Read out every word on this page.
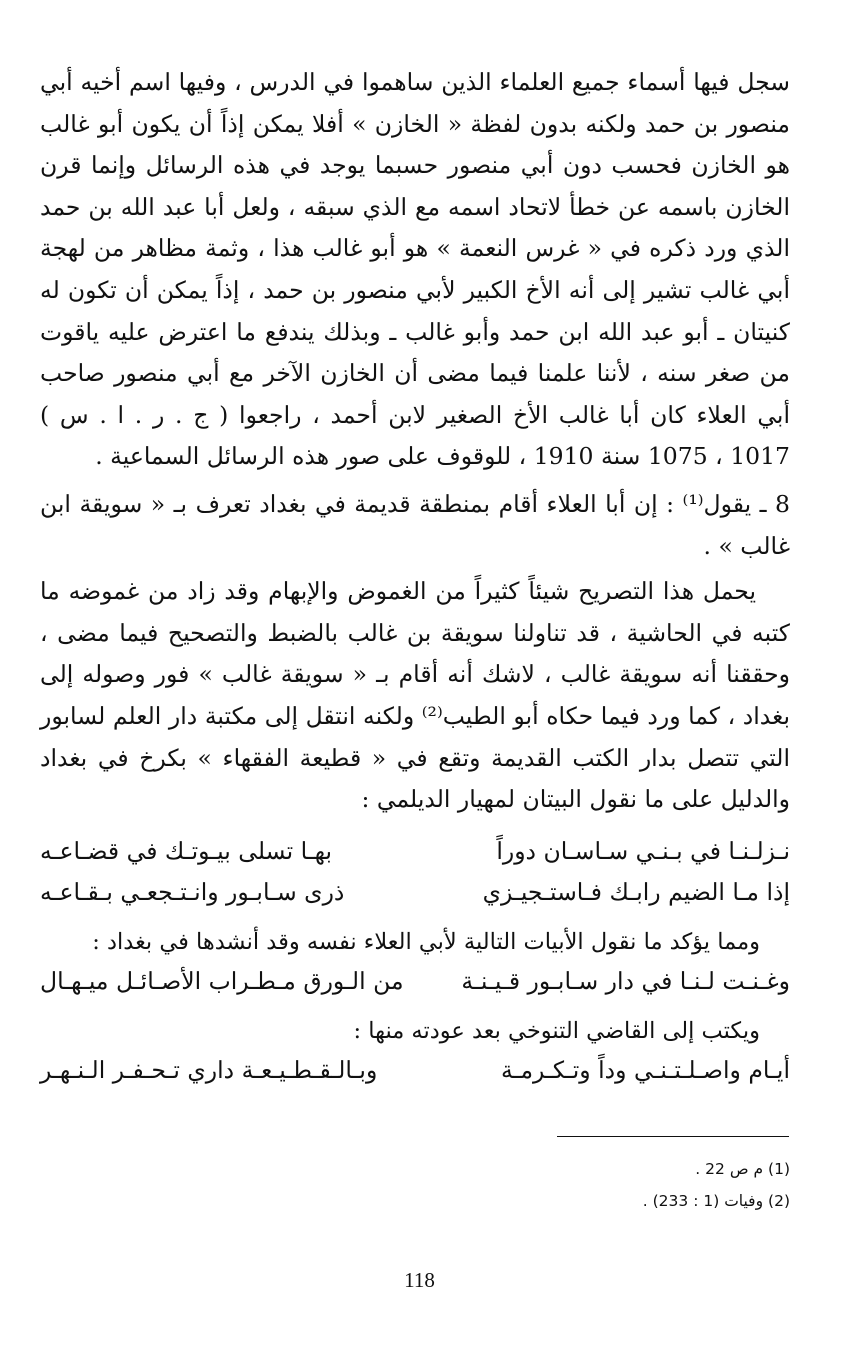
سجل فيها أسماء جميع العلماء الذين ساهموا في الدرس ، وفيها اسم أخيه أبي منصور بن حمد ولكنه بدون لفظة « الخازن » أفلا يمكن إذاً أن يكون أبو غالب هو الخازن فحسب دون أبي منصور حسبما يوجد في هذه الرسائل وإنما قرن الخازن باسمه عن خطأ لاتحاد اسمه مع الذي سبقه ، ولعل أبا عبد الله بن حمد الذي ورد ذكره في « غرس النعمة » هو أبو غالب هذا ، وثمة مظاهر من لهجة أبي غالب تشير إلى أنه الأخ الكبير لأبي منصور بن حمد ، إذاً يمكن أن تكون له كنيتان ـ أبو عبد الله ابن حمد وأبو غالب ـ وبذلك يندفع ما اعترض عليه ياقوت من صغر سنه ، لأننا علمنا فيما مضى أن الخازن الآخر مع أبي منصور صاحب أبي العلاء كان أبا غالب الأخ الصغير لابن أحمد ، راجعوا ( ج . ر . ا . س ) 1017 ، 1075 سنة 1910 ، للوقوف على صور هذه الرسائل السماعية .

8 ـ يقول⁽¹⁾ : إن أبا العلاء أقام بمنطقة قديمة في بغداد تعرف بـ « سويقة ابن غالب » .

يحمل هذا التصريح شيئاً كثيراً من الغموض والإبهام وقد زاد من غموضه ما كتبه في الحاشية ، قد تناولنا سويقة بن غالب بالضبط والتصحيح فيما مضى ، وحققنا أنه سويقة غالب ، لاشك أنه أقام بـ « سويقة غالب » فور وصوله إلى بغداد ، كما ورد فيما حكاه أبو الطيب⁽²⁾ ولكنه انتقل إلى مكتبة دار العلم لسابور التي تتصل بدار الكتب القديمة وتقع في « قطيعة الفقهاء » بكرخ في بغداد والدليل على ما نقول البيتان لمهيار الديلمي :

نـزلـنـا في بـنـي سـاسـان دوراً
بهـا تسلى بيـوتـك في قضـاعـه
إذا مـا الضيم رابـك فـاستـجيـزي
ذرى سـابـور وانـتـجعـي بـقـاعـه

ومما يؤكد ما نقول الأبيات التالية لأبي العلاء نفسه وقد أنشدها في بغداد :

وغـنـت لـنـا في دار سـابـور قـيـنـة
من الـورق مـطـراب الأصـائـل ميـهـال

ويكتب إلى القاضي التنوخي بعد عودته منها :

أيـام واصـلـتـنـي وداً وتـكـرمـة
وبـالـقـطـيـعـة داري تـحـفـر الـنـهـر

(1) م ص 22 .

(2) وفيات (1 : 233) .

118
